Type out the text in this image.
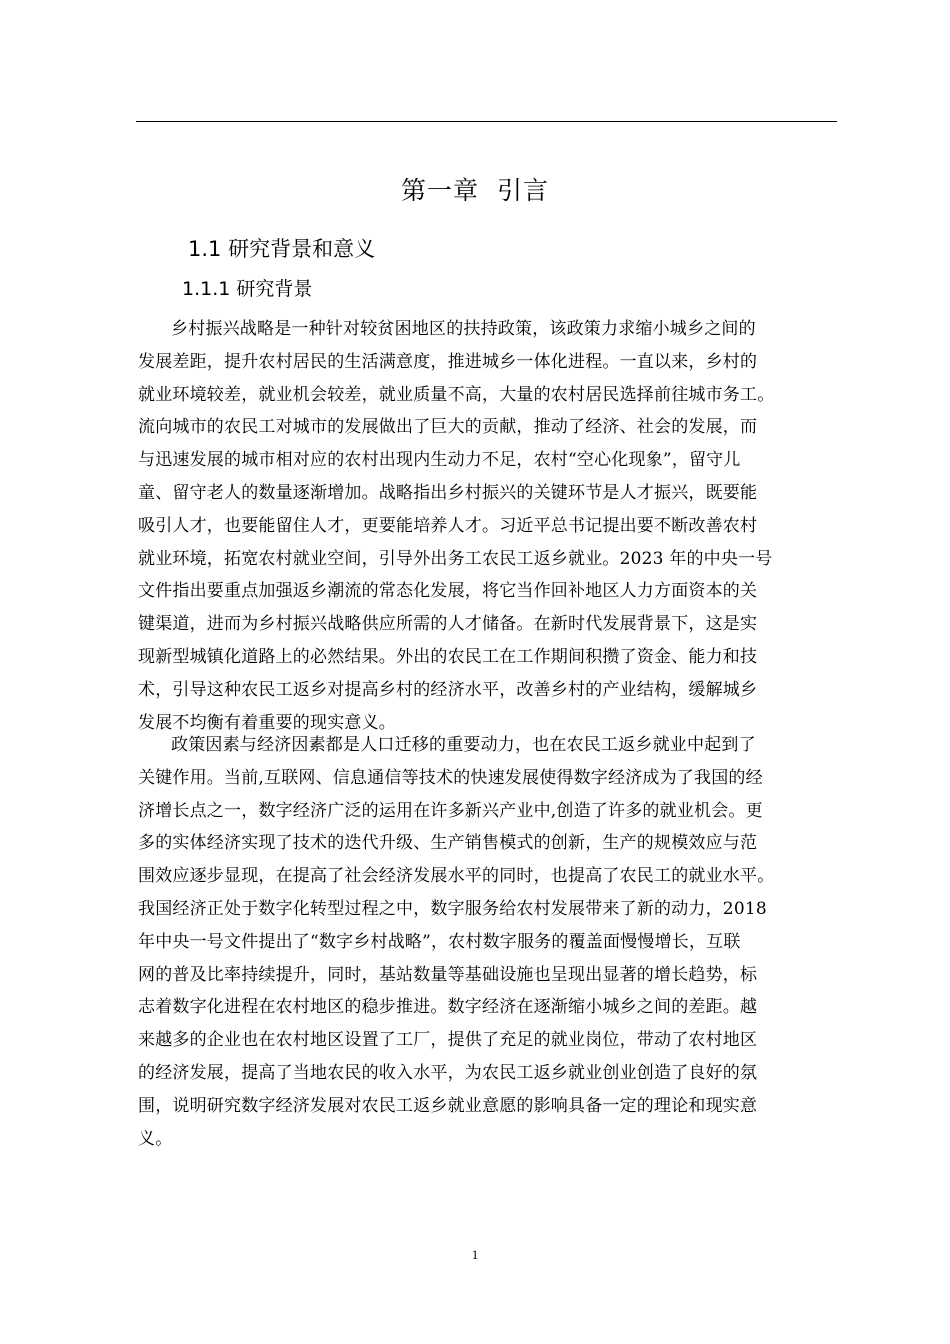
第一章  引言
1.1 研究背景和意义
1.1.1 研究背景
乡村振兴战略是一种针对较贫困地区的扶持政策，该政策力求缩小城乡之间的
发展差距，提升农村居民的生活满意度，推进城乡一体化进程。一直以来，乡村的
就业环境较差，就业机会较差，就业质量不高，大量的农村居民选择前往城市务工。
流向城市的农民工对城市的发展做出了巨大的贡献，推动了经济、社会的发展，而
与迅速发展的城市相对应的农村出现内生动力不足，农村“空心化现象”，留守儿
童、留守老人的数量逐渐增加。战略指出乡村振兴的关键环节是人才振兴，既要能
吸引人才，也要能留住人才，更要能培养人才。习近平总书记提出要不断改善农村
就业环境，拓宽农村就业空间，引导外出务工农民工返乡就业。2023 年的中央一号
文件指出要重点加强返乡潮流的常态化发展，将它当作回补地区人力方面资本的关
键渠道，进而为乡村振兴战略供应所需的人才储备。在新时代发展背景下，这是实
现新型城镇化道路上的必然结果。外出的农民工在工作期间积攒了资金、能力和技
术，引导这种农民工返乡对提高乡村的经济水平，改善乡村的产业结构，缓解城乡
发展不均衡有着重要的现实意义。
政策因素与经济因素都是人口迁移的重要动力，也在农民工返乡就业中起到了
关键作用。当前,互联网、信息通信等技术的快速发展使得数字经济成为了我国的经
济增长点之一，数字经济广泛的运用在许多新兴产业中,创造了许多的就业机会。更
多的实体经济实现了技术的迭代升级、生产销售模式的创新，生产的规模效应与范
围效应逐步显现，在提高了社会经济发展水平的同时，也提高了农民工的就业水平。
我国经济正处于数字化转型过程之中，数字服务给农村发展带来了新的动力，2018
年中央一号文件提出了“数字乡村战略”，农村数字服务的覆盖面慢慢增长，互联
网的普及比率持续提升，同时，基站数量等基础设施也呈现出显著的增长趋势，标
志着数字化进程在农村地区的稳步推进。数字经济在逐渐缩小城乡之间的差距。越
来越多的企业也在农村地区设置了工厂，提供了充足的就业岗位，带动了农村地区
的经济发展，提高了当地农民的收入水平，为农民工返乡就业创业创造了良好的氛
围，说明研究数字经济发展对农民工返乡就业意愿的影响具备一定的理论和现实意
义。
1
